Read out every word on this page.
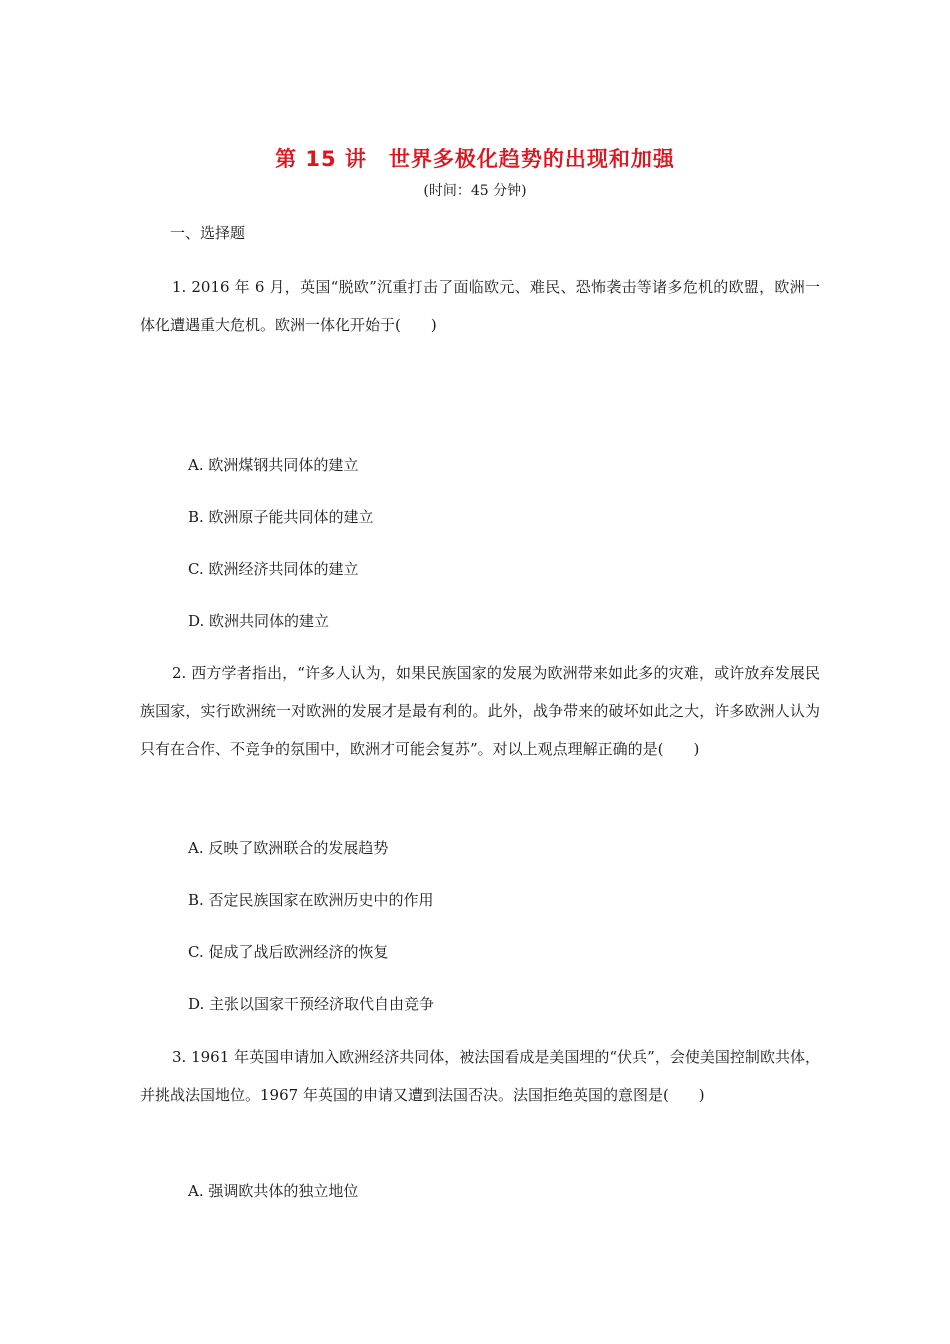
第 15 讲　世界多极化趋势的出现和加强
(时间：45 分钟)
一、选择题
1. 2016 年 6 月，英国“脱欧”沉重打击了面临欧元、难民、恐怖袭击等诸多危机的欧盟，欧洲一体化遭遇重大危机。欧洲一体化开始于(　　)
A. 欧洲煤钢共同体的建立
B. 欧洲原子能共同体的建立
C. 欧洲经济共同体的建立
D. 欧洲共同体的建立
2. 西方学者指出，“许多人认为，如果民族国家的发展为欧洲带来如此多的灾难，或许放弃发展民族国家，实行欧洲统一对欧洲的发展才是最有利的。此外，战争带来的破坏如此之大，许多欧洲人认为只有在合作、不竞争的氛围中，欧洲才可能会复苏”。对以上观点理解正确的是(　　)
A. 反映了欧洲联合的发展趋势
B. 否定民族国家在欧洲历史中的作用
C. 促成了战后欧洲经济的恢复
D. 主张以国家干预经济取代自由竞争
3. 1961 年英国申请加入欧洲经济共同体，被法国看成是美国埋的“伏兵”，会使美国控制欧共体，并挑战法国地位。1967 年英国的申请又遭到法国否决。法国拒绝英国的意图是(　　)
A. 强调欧共体的独立地位
